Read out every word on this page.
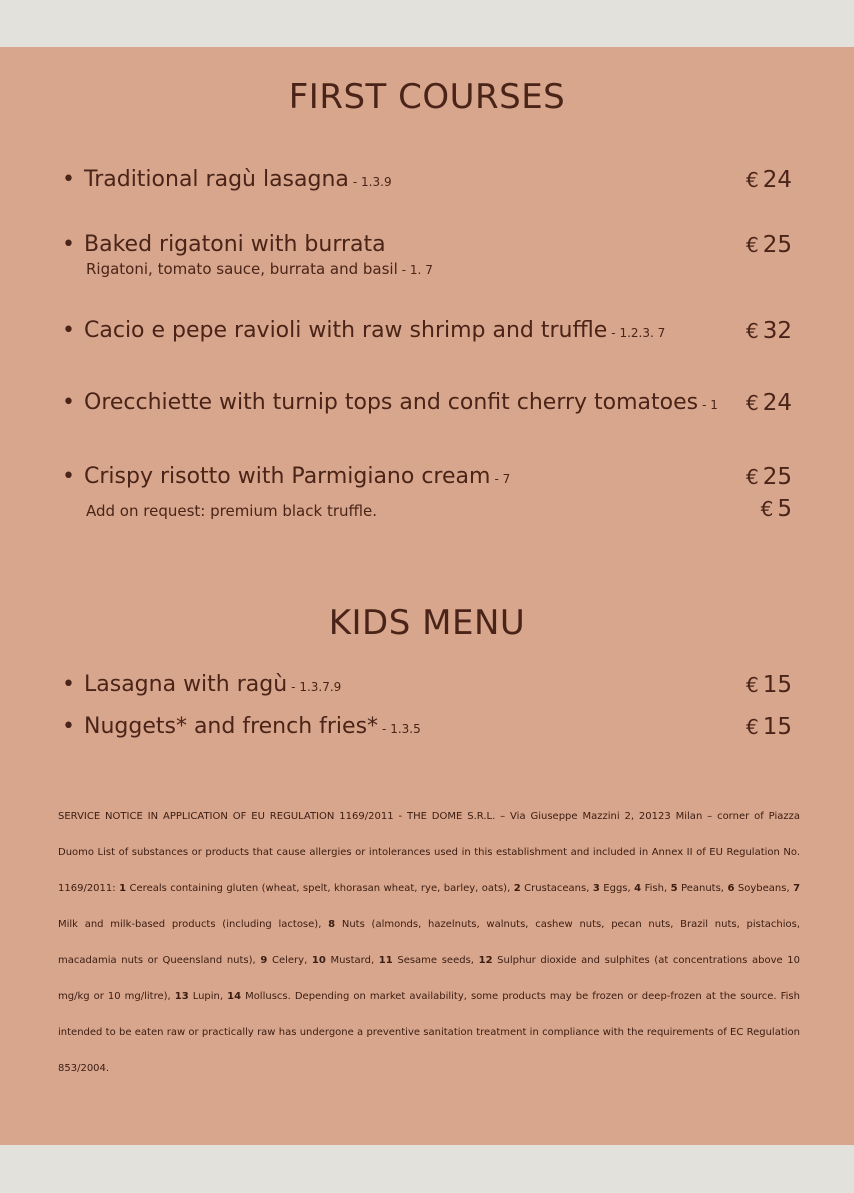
FIRST COURSES
• Traditional ragù lasagna - 1.3.9	€ 24
• Baked rigatoni with burrata	€ 25
Rigatoni, tomato sauce, burrata and basil - 1. 7
• Cacio e pepe ravioli with raw shrimp and truffle - 1.2.3. 7	€ 32
• Orecchiette with turnip tops and confit cherry tomatoes - 1 € 24
• Crispy risotto with Parmigiano cream - 7	€ 25
Add on request: premium black truffle.	€ 5
KIDS MENU
• Lasagna with ragù - 1.3.7.9	€ 15
• Nuggets* and french fries* - 1.3.5	€ 15
SERVICE NOTICE IN APPLICATION OF EU REGULATION 1169/2011 - THE DOME S.R.L. – Via Giuseppe Mazzini 2, 20123 Milan – corner of Piazza Duomo List of substances or products that cause allergies or intolerances used in this establishment and included in Annex II of EU Regulation No. 1169/2011: 1 Cereals containing gluten (wheat, spelt, khorasan wheat, rye, barley, oats), 2 Crustaceans, 3 Eggs, 4 Fish, 5 Peanuts, 6 Soybeans, 7 Milk and milk-based products (including lactose), 8 Nuts (almonds, hazelnuts, walnuts, cashew nuts, pecan nuts, Brazil nuts, pistachios, macadamia nuts or Queensland nuts), 9 Celery, 10 Mustard, 11 Sesame seeds, 12 Sulphur dioxide and sulphites (at concentrations above 10 mg/kg or 10 mg/litre), 13 Lupin, 14 Molluscs. Depending on market availability, some products may be frozen or deep-frozen at the source. Fish intended to be eaten raw or practically raw has undergone a preventive sanitation treatment in compliance with the requirements of EC Regulation 853/2004.
